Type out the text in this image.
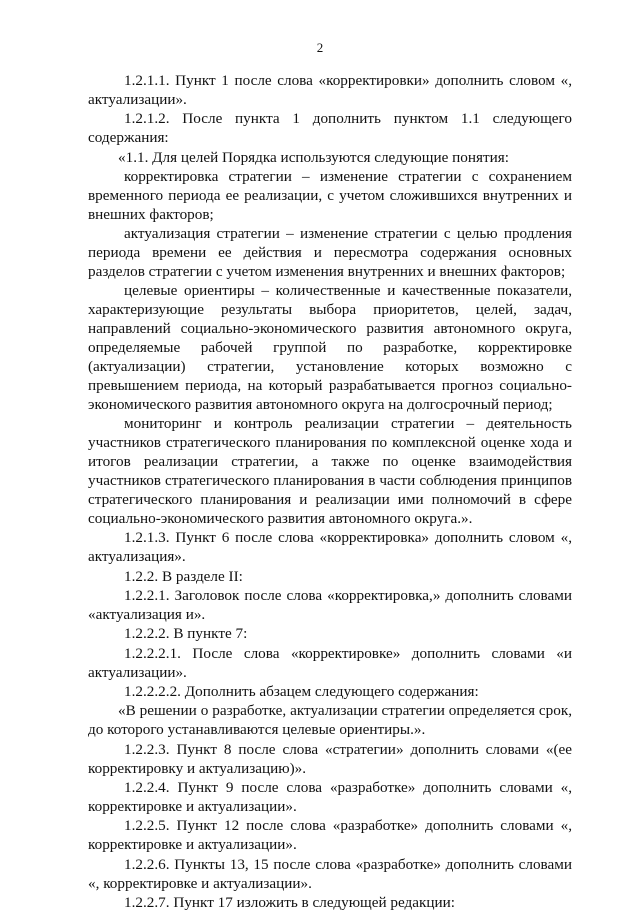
2

1.2.1.1. Пункт 1 после слова «корректировки» дополнить словом «, актуализации».

1.2.1.2. После пункта 1 дополнить пунктом 1.1 следующего содержания:

«1.1. Для целей Порядка используются следующие понятия:

корректировка стратегии – изменение стратегии с сохранением временного периода ее реализации, с учетом сложившихся внутренних и внешних факторов;

актуализация стратегии – изменение стратегии с целью продления периода времени ее действия и пересмотра содержания основных разделов стратегии с учетом изменения внутренних и внешних факторов;

целевые ориентиры – количественные и качественные показатели, характеризующие результаты выбора приоритетов, целей, задач, направлений социально-экономического развития автономного округа, определяемые рабочей группой по разработке, корректировке (актуализации) стратегии, установление которых возможно с превышением периода, на который разрабатывается прогноз социально-экономического развития автономного округа на долгосрочный период;

мониторинг и контроль реализации стратегии – деятельность участников стратегического планирования по комплексной оценке хода и итогов реализации стратегии, а также по оценке взаимодействия участников стратегического планирования в части соблюдения принципов стратегического планирования и реализации ими полномочий в сфере социально-экономического развития автономного округа.».

1.2.1.3. Пункт 6 после слова «корректировка» дополнить словом «, актуализация».

1.2.2. В разделе II:

1.2.2.1. Заголовок после слова «корректировка,» дополнить словами «актуализация и».

1.2.2.2. В пункте 7:

1.2.2.2.1. После слова «корректировке» дополнить словами «и актуализации».

1.2.2.2.2. Дополнить абзацем следующего содержания:

«В решении о разработке, актуализации стратегии определяется срок, до которого устанавливаются целевые ориентиры.».

1.2.2.3. Пункт 8 после слова «стратегии» дополнить словами «(ее корректировку и актуализацию)».

1.2.2.4. Пункт 9 после слова «разработке» дополнить словами «, корректировке и актуализации».

1.2.2.5. Пункт 12 после слова «разработке» дополнить словами «, корректировке и актуализации».

1.2.2.6. Пункты 13, 15 после слова «разработке» дополнить словами «, корректировке и актуализации».

1.2.2.7. Пункт 17 изложить в следующей редакции:
